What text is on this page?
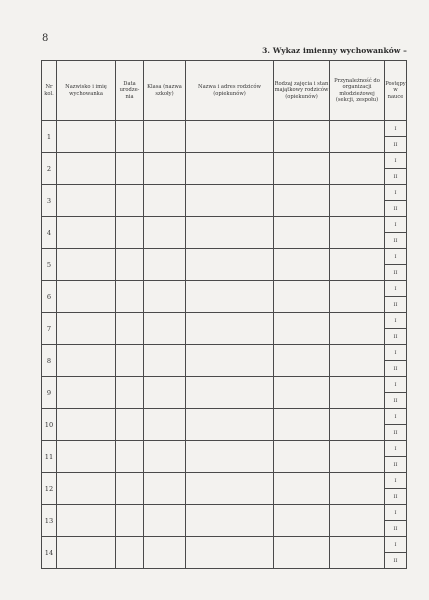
8
3. Wykaz imienny wychowanków –
Nr kol.	Nazwisko i imię wychowanka	Data urodze- nia	Klasa (nazwa szkoły)	Nazwa i adres rodziców (opiekunów)	Rodzaj zajęcia i stan majątkowy rodziców (opiekunów)	Przynależność do organizacji młodzieżowej (sekcji, zespołu)	Postępy w nauce
1							I
							II
2							I
							II
3							I
							II
4							I
							II
5							I
							II
6							I
							II
7							I
							II
8							I
							II
9							I
							II
10							I
							II
11							I
							II
12							I
							II
13							I
							II
14							I
							II
